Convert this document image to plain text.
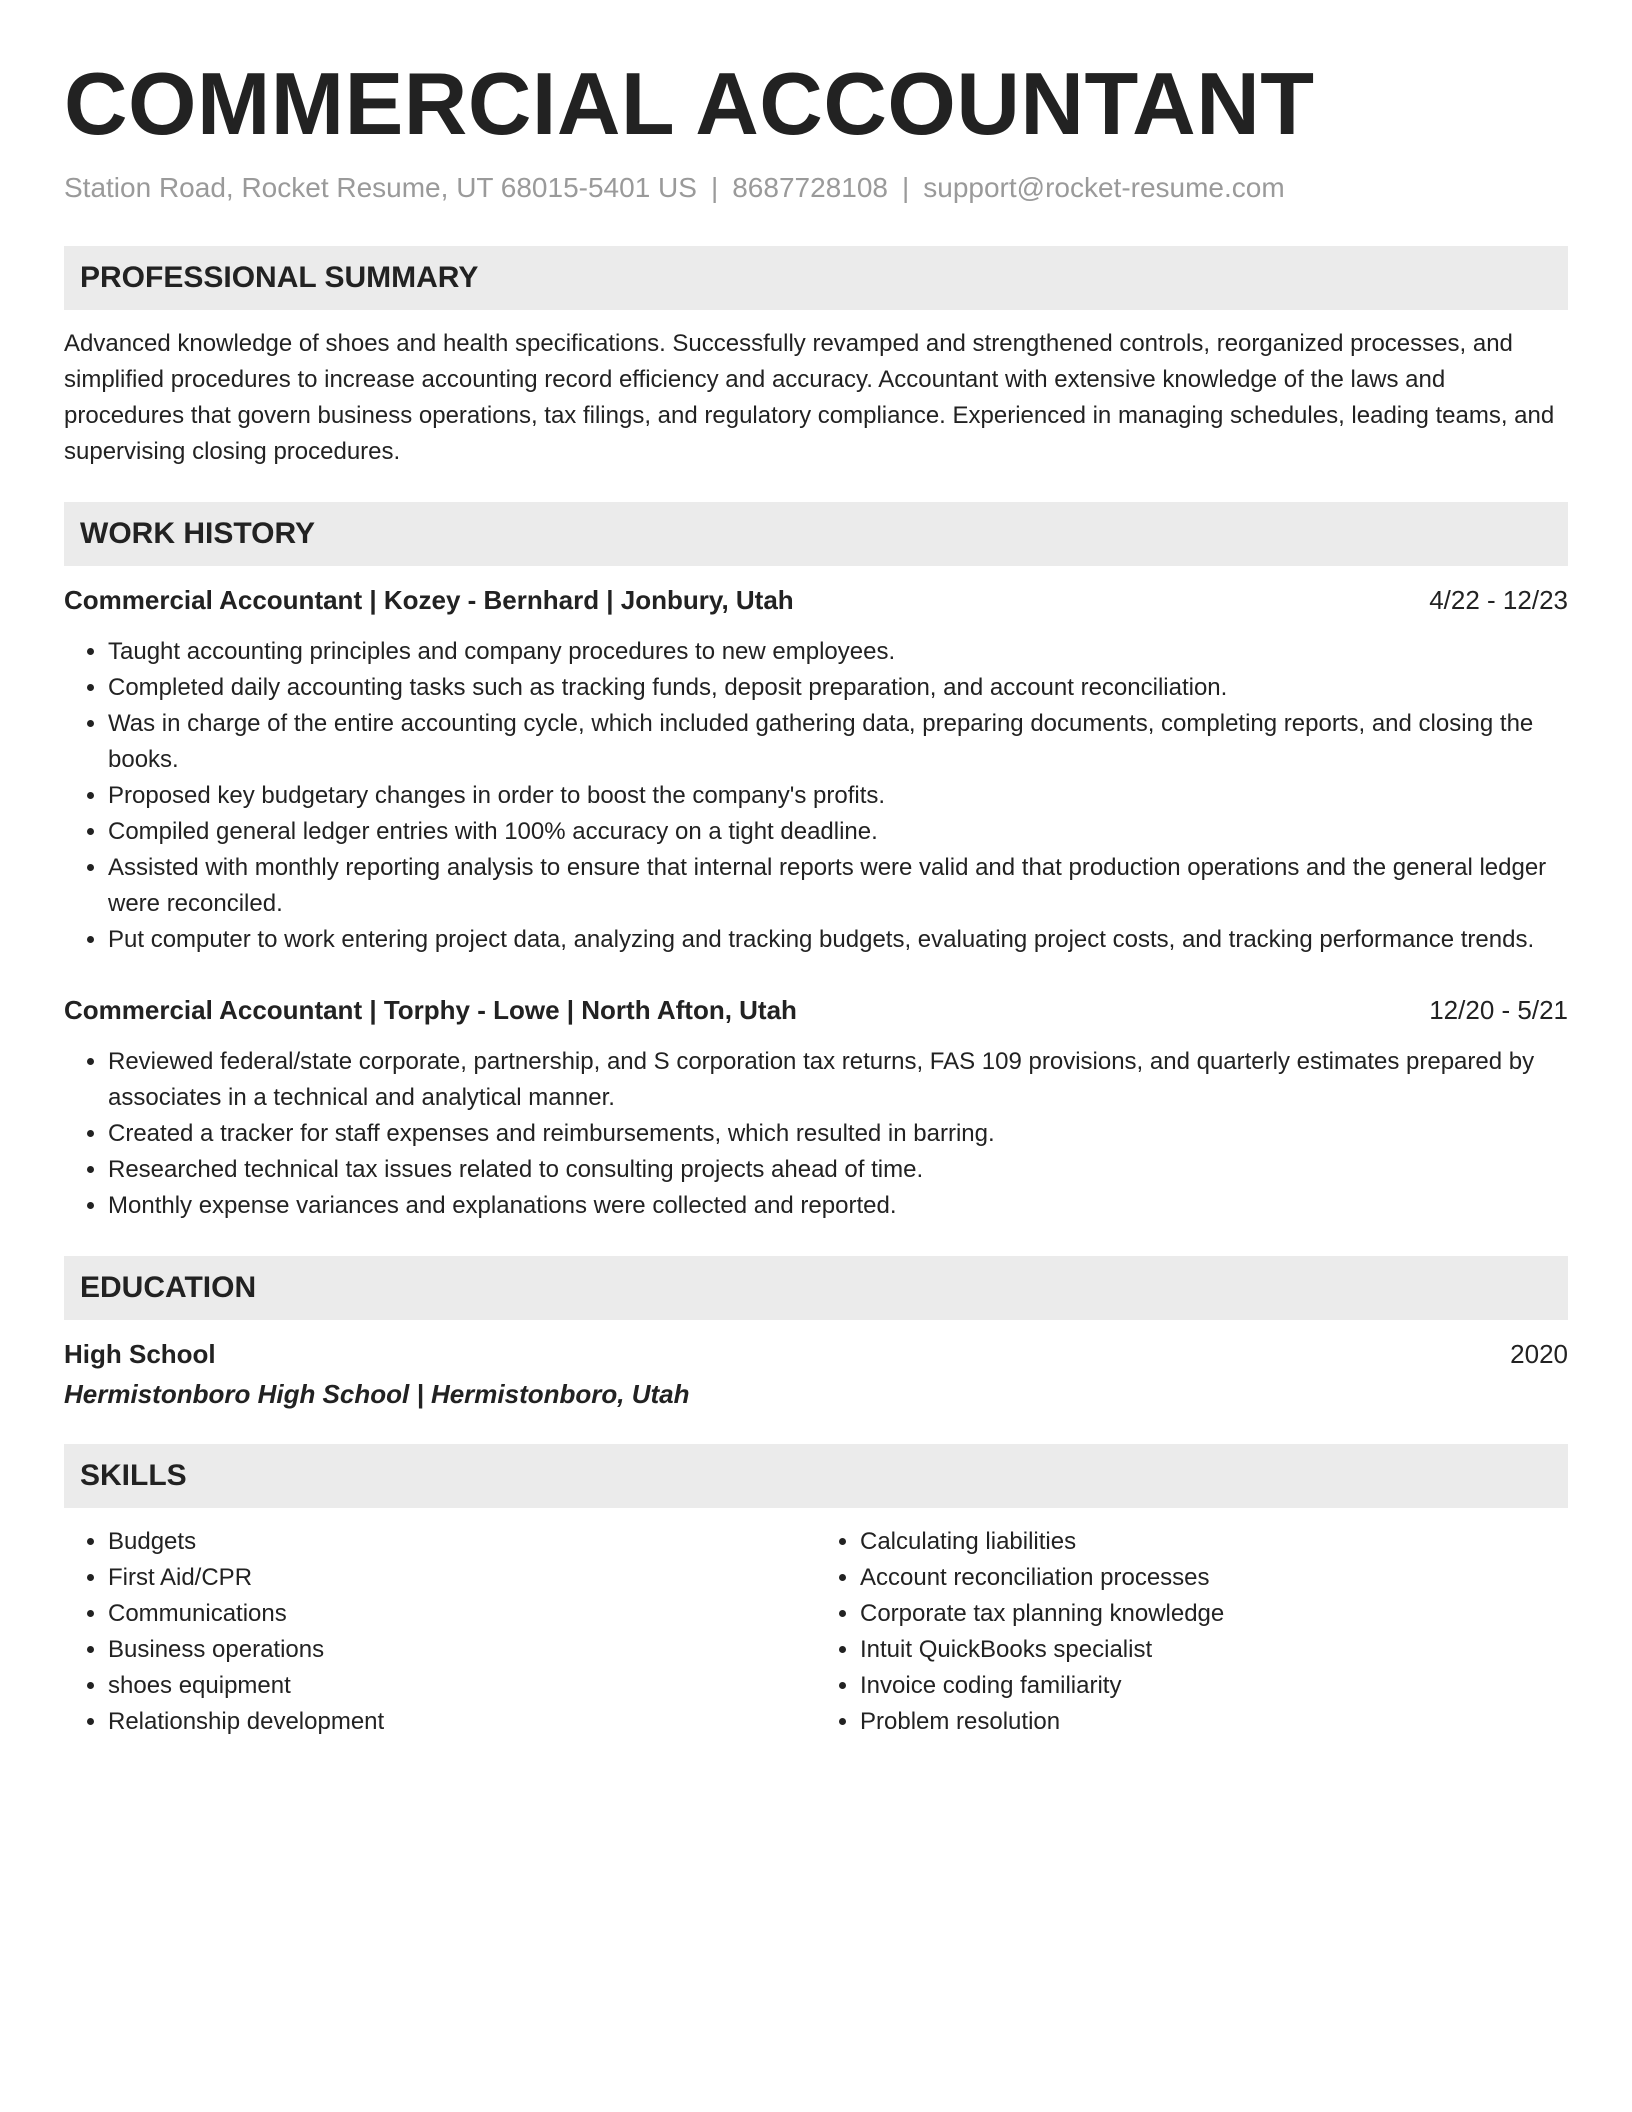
COMMERCIAL ACCOUNTANT
Station Road, Rocket Resume, UT 68015-5401 US | 8687728108 | support@rocket-resume.com
PROFESSIONAL SUMMARY

Advanced knowledge of shoes and health specifications. Successfully revamped and strengthened controls, reorganized processes, and simplified procedures to increase accounting record efficiency and accuracy. Accountant with extensive knowledge of the laws and procedures that govern business operations, tax filings, and regulatory compliance. Experienced in managing schedules, leading teams, and supervising closing procedures.

WORK HISTORY
Commercial Accountant | Kozey - Bernhard | Jonbury, Utah	4/22 - 12/23
• Taught accounting principles and company procedures to new employees.
• Completed daily accounting tasks such as tracking funds, deposit preparation, and account reconciliation.
• Was in charge of the entire accounting cycle, which included gathering data, preparing documents, completing reports, and closing the books.
• Proposed key budgetary changes in order to boost the company's profits.
• Compiled general ledger entries with 100% accuracy on a tight deadline.
• Assisted with monthly reporting analysis to ensure that internal reports were valid and that production operations and the general ledger were reconciled.
• Put computer to work entering project data, analyzing and tracking budgets, evaluating project costs, and tracking performance trends.
Commercial Accountant | Torphy - Lowe | North Afton, Utah	12/20 - 5/21
• Reviewed federal/state corporate, partnership, and S corporation tax returns, FAS 109 provisions, and quarterly estimates prepared by associates in a technical and analytical manner.
• Created a tracker for staff expenses and reimbursements, which resulted in barring.
• Researched technical tax issues related to consulting projects ahead of time.
• Monthly expense variances and explanations were collected and reported.
EDUCATION
High School	2020
Hermistonboro High School | Hermistonboro, Utah
SKILLS
• Budgets
• First Aid/CPR
• Communications
• Business operations
• shoes equipment
• Relationship development
• Calculating liabilities
• Account reconciliation processes
• Corporate tax planning knowledge
• Intuit QuickBooks specialist
• Invoice coding familiarity
• Problem resolution
